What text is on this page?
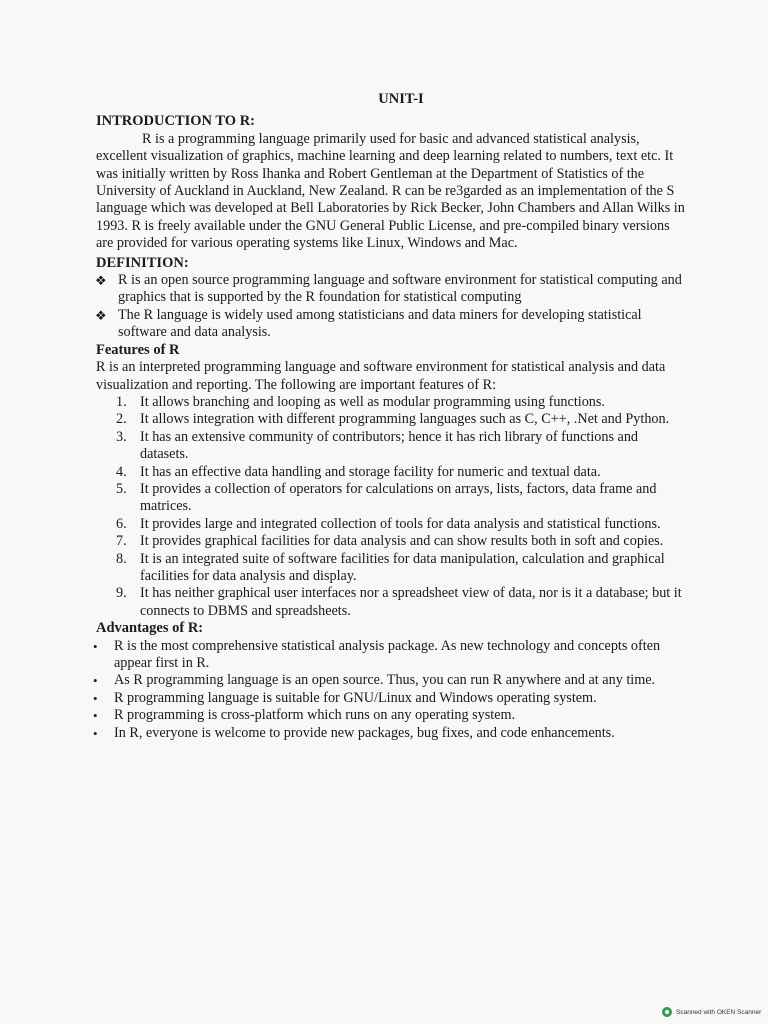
UNIT-I
INTRODUCTION TO R:

R is a programming language primarily used for basic and advanced statistical analysis, excellent visualization of graphics, machine learning and deep learning related to numbers, text etc. It was initially written by Ross Ihanka and Robert Gentleman at the Department of Statistics of the University of Auckland in Auckland, New Zealand. R can be re3garded as an implementation of the S language which was developed at Bell Laboratories by Rick Becker, John Chambers and Allan Wilks in 1993. R is freely available under the GNU General Public License, and pre-compiled binary versions are provided for various operating systems like Linux, Windows and Mac.

DEFINITION:
❖ R is an open source programming language and software environment for statistical computing and graphics that is supported by the R foundation for statistical computing
❖ The R language is widely used among statisticians and data miners for developing statistical software and data analysis.
Features of R

R is an interpreted programming language and software environment for statistical analysis and data visualization and reporting. The following are important features of R:

1. It allows branching and looping as well as modular programming using functions.
2. It allows integration with different programming languages such as C, C++, .Net and Python.
3. It has an extensive community of contributors; hence it has rich library of functions and datasets.
4. It has an effective data handling and storage facility for numeric and textual data.
5. It provides a collection of operators for calculations on arrays, lists, factors, data frame and matrices.
6. It provides large and integrated collection of tools for data analysis and statistical functions.
7. It provides graphical facilities for data analysis and can show results both in soft and copies.
8. It is an integrated suite of software facilities for data manipulation, calculation and graphical facilities for data analysis and display.
9. It has neither graphical user interfaces nor a spreadsheet view of data, nor is it a database; but it connects to DBMS and spreadsheets.
Advantages of R:
• R is the most comprehensive statistical analysis package. As new technology and concepts often appear first in R.
• As R programming language is an open source. Thus, you can run R anywhere and at any time.
• R programming language is suitable for GNU/Linux and Windows operating system.
• R programming is cross-platform which runs on any operating system.
• In R, everyone is welcome to provide new packages, bug fixes, and code enhancements.
Scanned with OKEN Scanner
